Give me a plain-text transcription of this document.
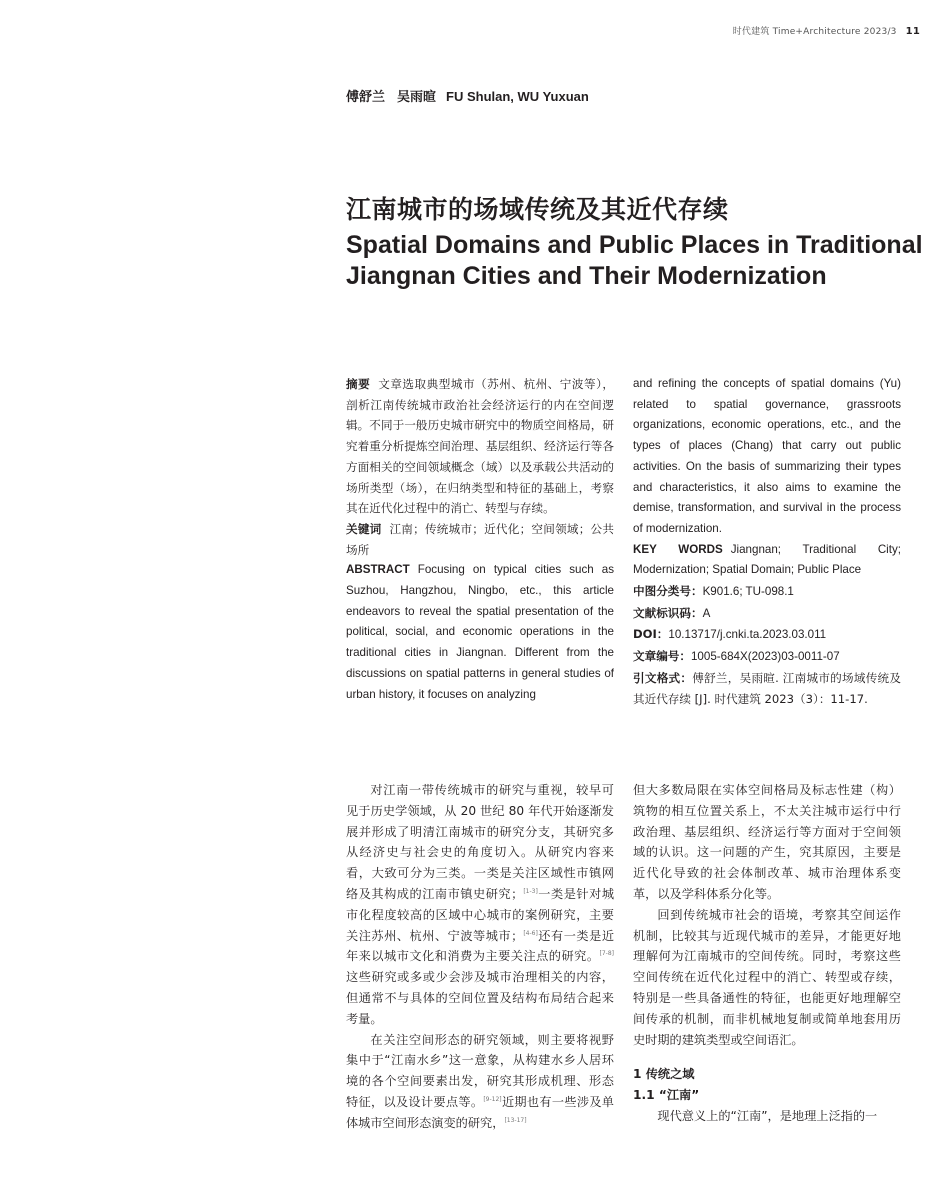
时代建筑 Time+Architecture 2023/3 11
傅舒兰 吴雨暄 FU Shulan, WU Yuxuan
江南城市的场域传统及其近代存续
Spatial Domains and Public Places in Traditional Jiangnan Cities and Their Modernization

摘要 文章选取典型城市（苏州、杭州、宁波等），剖析江南传统城市政治社会经济运行的内在空间逻辑。不同于一般历史城市研究中的物质空间格局，研究着重分析提炼空间治理、基层组织、经济运行等各方面相关的空间领域概念（域）以及承载公共活动的场所类型（场），在归纳类型和特征的基础上，考察其在近代化过程中的消亡、转型与存续。

关键词 江南；传统城市；近代化；空间领域；公共场所

ABSTRACT Focusing on typical cities such as Suzhou, Hangzhou, Ningbo, etc., this article endeavors to reveal the spatial presentation of the political, social, and economic operations in the traditional cities in Jiangnan. Different from the discussions on spatial patterns in general studies of urban history, it focuses on analyzing

and refining the concepts of spatial domains (Yu) related to spatial governance, grassroots organizations, economic operations, etc., and the types of places (Chang) that carry out public activities. On the basis of summarizing their types and characteristics, it also aims to examine the demise, transformation, and survival in the process of modernization.

KEY WORDS Jiangnan; Traditional City; Modernization; Spatial Domain; Public Place

中图分类号：K901.6; TU-098.1

文献标识码：A

DOI：10.13717/j.cnki.ta.2023.03.011

文章编号：1005-684X(2023)03-0011-07

引文格式：傅舒兰，吴雨暄. 江南城市的场域传统及其近代存续 [J]. 时代建筑 2023（3）：11-17.

对江南一带传统城市的研究与重视，较早可见于历史学领域，从 20 世纪 80 年代开始逐渐发展并形成了明清江南城市的研究分支，其研究多从经济史与社会史的角度切入。从研究内容来看，大致可分为三类。一类是关注区域性市镇网络及其构成的江南市镇史研究；[1-3]一类是针对城市化程度较高的区域中心城市的案例研究，主要关注苏州、杭州、宁波等城市；[4-6]还有一类是近年来以城市文化和消费为主要关注点的研究。[7-8]这些研究或多或少会涉及城市治理相关的内容，但通常不与具体的空间位置及结构布局结合起来考量。

在关注空间形态的研究领域，则主要将视野集中于“江南水乡”这一意象，从构建水乡人居环境的各个空间要素出发，研究其形成机理、形态特征，以及设计要点等。[9-12]近期也有一些涉及单体城市空间形态演变的研究，[13-17]

但大多数局限在实体空间格局及标志性建（构）筑物的相互位置关系上，不太关注城市运行中行政治理、基层组织、经济运行等方面对于空间领域的认识。这一问题的产生，究其原因，主要是近代化导致的社会体制改革、城市治理体系变革，以及学科体系分化等。

回到传统城市社会的语境，考察其空间运作机制，比较其与近现代城市的差异，才能更好地理解何为江南城市的空间传统。同时，考察这些空间传统在近代化过程中的消亡、转型或存续，特别是一些具备通性的特征，也能更好地理解空间传承的机制，而非机械地复制或简单地套用历史时期的建筑类型或空间语汇。

1 传统之域

1.1 “江南”

现代意义上的“江南”，是地理上泛指的一
